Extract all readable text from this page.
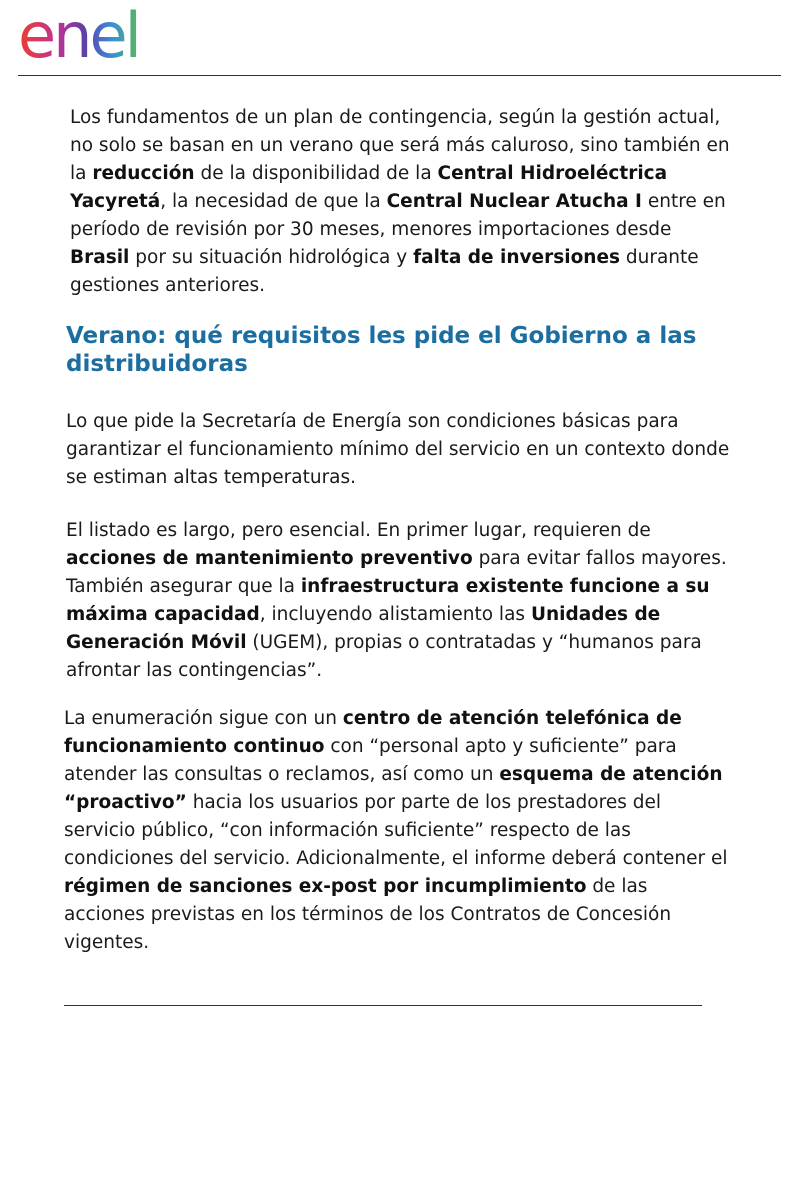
enel

Los fundamentos de un plan de contingencia, según la gestión actual, no solo se basan en un verano que será más caluroso, sino también en la reducción de la disponibilidad de la Central Hidroeléctrica Yacyretá, la necesidad de que la Central Nuclear Atucha I entre en período de revisión por 30 meses, menores importaciones desde Brasil por su situación hidrológica y falta de inversiones durante gestiones anteriores.

Verano: qué requisitos les pide el Gobierno a las distribuidoras

Lo que pide la Secretaría de Energía son condiciones básicas para garantizar el funcionamiento mínimo del servicio en un contexto donde se estiman altas temperaturas.

El listado es largo, pero esencial. En primer lugar, requieren de acciones de mantenimiento preventivo para evitar fallos mayores. También asegurar que la infraestructura existente funcione a su máxima capacidad, incluyendo alistamiento las Unidades de Generación Móvil (UGEM), propias o contratadas y “humanos para afrontar las contingencias”.

La enumeración sigue con un centro de atención telefónica de funcionamiento continuo con “personal apto y suficiente” para atender las consultas o reclamos, así como un esquema de atención “proactivo” hacia los usuarios por parte de los prestadores del servicio público, “con información suficiente” respecto de las condiciones del servicio. Adicionalmente, el informe deberá contener el régimen de sanciones ex-post por incumplimiento de las acciones previstas en los términos de los Contratos de Concesión vigentes.
